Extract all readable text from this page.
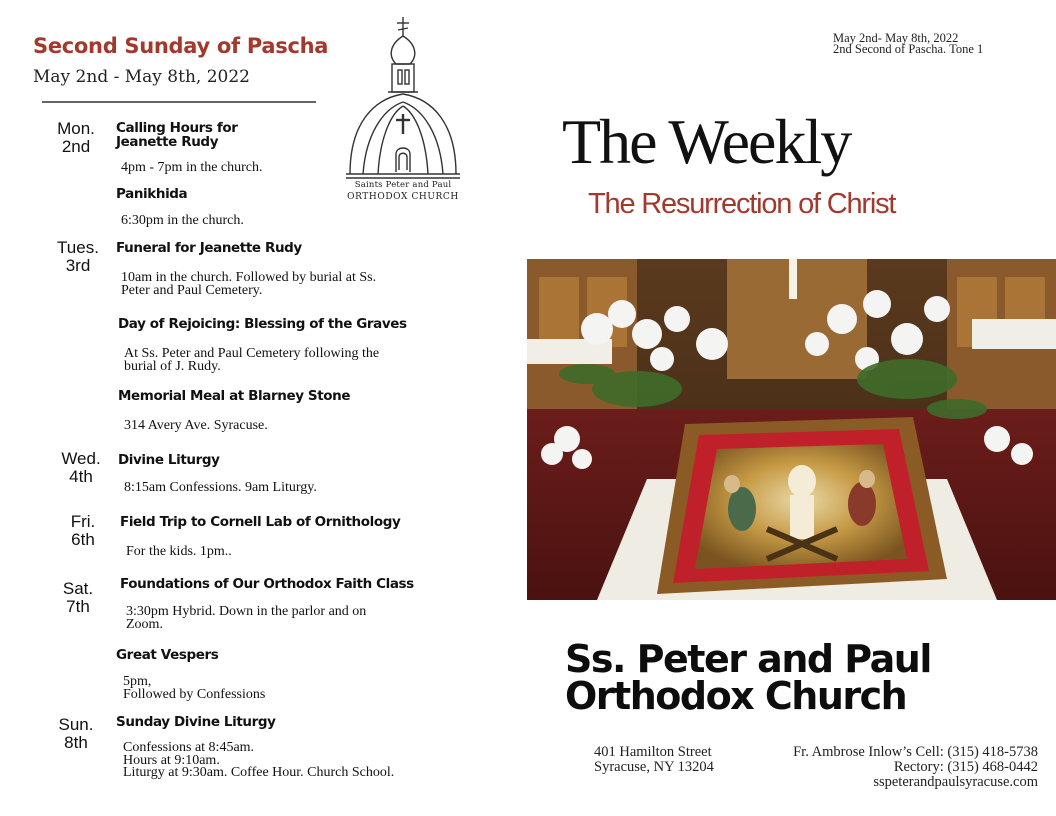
Second Sunday of Pascha
May 2nd - May 8th, 2022
Saints Peter and Paul
ORTHODOX CHURCH
Mon.
2nd
Tues.
3rd
Wed.
4th
Fri.
6th
Sat.
7th
Sun.
8th
Calling Hours for
Jeanette Rudy
4pm - 7pm in the church.
Panikhida
6:30pm in the church.
Funeral for Jeanette Rudy
10am in the church. Followed by burial at Ss.
Peter and Paul Cemetery.
Day of Rejoicing: Blessing of the Graves
At Ss. Peter and Paul Cemetery following the
burial of J. Rudy.
Memorial Meal at Blarney Stone
314 Avery Ave. Syracuse.
Divine Liturgy
8:15am Confessions. 9am Liturgy.
Field Trip to Cornell Lab of Ornithology
For the kids. 1pm..
Foundations of Our Orthodox Faith Class
3:30pm Hybrid. Down in the parlor and on
Zoom.
Great Vespers
5pm,
Followed by Confessions
Sunday Divine Liturgy
Confessions at 8:45am.
Hours at 9:10am.
Liturgy at 9:30am. Coffee Hour. Church School.
May 2nd- May 8th, 2022
2nd Second of Pascha. Tone 1
The Weekly
The Resurrection of Christ
Ss. Peter and Paul
Orthodox Church
401 Hamilton Street
Syracuse, NY 13204
Fr. Ambrose Inlow’s Cell: (315) 418-5738
Rectory: (315) 468-0442
sspeterandpaulsyracuse.com
